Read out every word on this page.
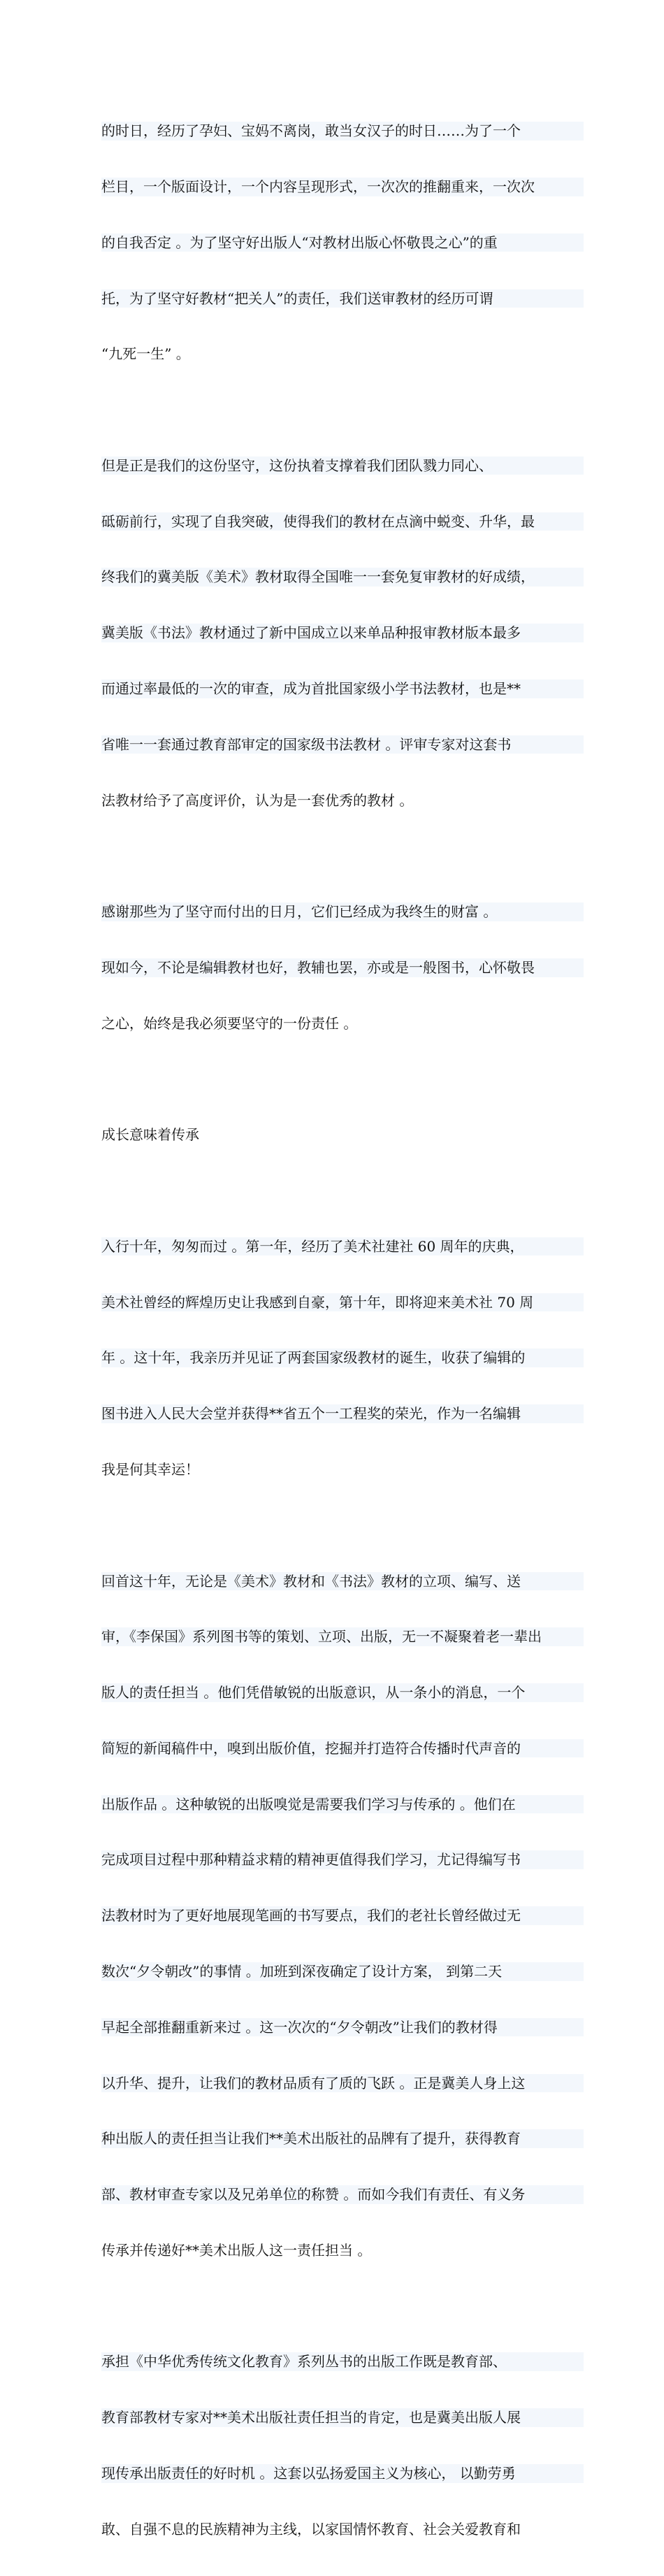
的时日，经历了孕妇、宝妈不离岗，敢当女汉子的时日……为了一个

栏目，一个版面设计，一个内容呈现形式，一次次的推翻重来，一次次

的自我否定 。为了坚守好出版人“对教材出版心怀敬畏之心”的重

托，为了坚守好教材“把关人”的责任，我们送审教材的经历可谓

“九死一生” 。

但是正是我们的这份坚守，这份执着支撑着我们团队戮力同心、

砥砺前行，实现了自我突破，使得我们的教材在点滴中蜕变、升华，最

终我们的冀美版《美术》教材取得全国唯一一套免复审教材的好成绩，

冀美版《书法》教材通过了新中国成立以来单品种报审教材版本最多

而通过率最低的一次的审查，成为首批国家级小学书法教材，也是**

省唯一一套通过教育部审定的国家级书法教材 。评审专家对这套书

法教材给予了高度评价，认为是一套优秀的教材 。

感谢那些为了坚守而付出的日月，它们已经成为我终生的财富 。

现如今，不论是编辑教材也好，教辅也罢，亦或是一般图书，心怀敬畏

之心，始终是我必须要坚守的一份责任 。

成长意味着传承

入行十年，匆匆而过 。第一年，经历了美术社建社 60 周年的庆典，

美术社曾经的辉煌历史让我感到自豪，第十年，即将迎来美术社 70 周

年 。这十年，我亲历并见证了两套国家级教材的诞生，收获了编辑的

图书进入人民大会堂并获得**省五个一工程奖的荣光，作为一名编辑

我是何其幸运！

回首这十年，无论是《美术》教材和《书法》教材的立项、编写、送

审，《李保国》系列图书等的策划、立项、出版，无一不凝聚着老一辈出

版人的责任担当 。他们凭借敏锐的出版意识，从一条小的消息，一个

简短的新闻稿件中，嗅到出版价值，挖掘并打造符合传播时代声音的

出版作品 。这种敏锐的出版嗅觉是需要我们学习与传承的 。他们在

完成项目过程中那种精益求精的精神更值得我们学习，尤记得编写书

法教材时为了更好地展现笔画的书写要点，我们的老社长曾经做过无

数次“夕令朝改”的事情 。加班到深夜确定了设计方案， 到第二天

早起全部推翻重新来过 。这一次次的“夕令朝改”让我们的教材得

以升华、提升，让我们的教材品质有了质的飞跃 。正是冀美人身上这

种出版人的责任担当让我们**美术出版社的品牌有了提升，获得教育

部、教材审查专家以及兄弟单位的称赞 。而如今我们有责任、有义务

传承并传递好**美术出版人这一责任担当 。

承担《中华优秀传统文化教育》系列丛书的出版工作既是教育部、

教育部教材专家对**美术出版社责任担当的肯定，也是冀美出版人展

现传承出版责任的好时机 。这套以弘扬爱国主义为核心， 以勤劳勇

敢、自强不息的民族精神为主线，以家国情怀教育、社会关爱教育和
